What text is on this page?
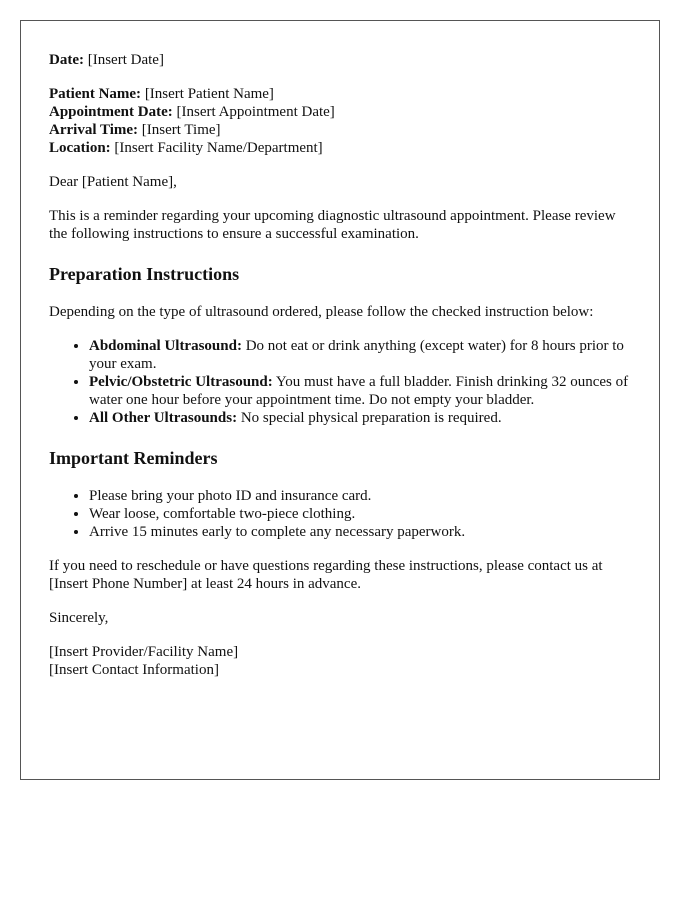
Date: [Insert Date]

Patient Name: [Insert Patient Name]
Appointment Date: [Insert Appointment Date]
Arrival Time: [Insert Time]
Location: [Insert Facility Name/Department]

Dear [Patient Name],

This is a reminder regarding your upcoming diagnostic ultrasound appointment. Please review the following instructions to ensure a successful examination.

Preparation Instructions

Depending on the type of ultrasound ordered, please follow the checked instruction below:

• Abdominal Ultrasound: Do not eat or drink anything (except water) for 8 hours prior to your exam.
• Pelvic/Obstetric Ultrasound: You must have a full bladder. Finish drinking 32 ounces of water one hour before your appointment time. Do not empty your bladder.
• All Other Ultrasounds: No special physical preparation is required.
Important Reminders
• Please bring your photo ID and insurance card.
• Wear loose, comfortable two-piece clothing.
• Arrive 15 minutes early to complete any necessary paperwork.

If you need to reschedule or have questions regarding these instructions, please contact us at [Insert Phone Number] at least 24 hours in advance.

Sincerely,

[Insert Provider/Facility Name]
[Insert Contact Information]
